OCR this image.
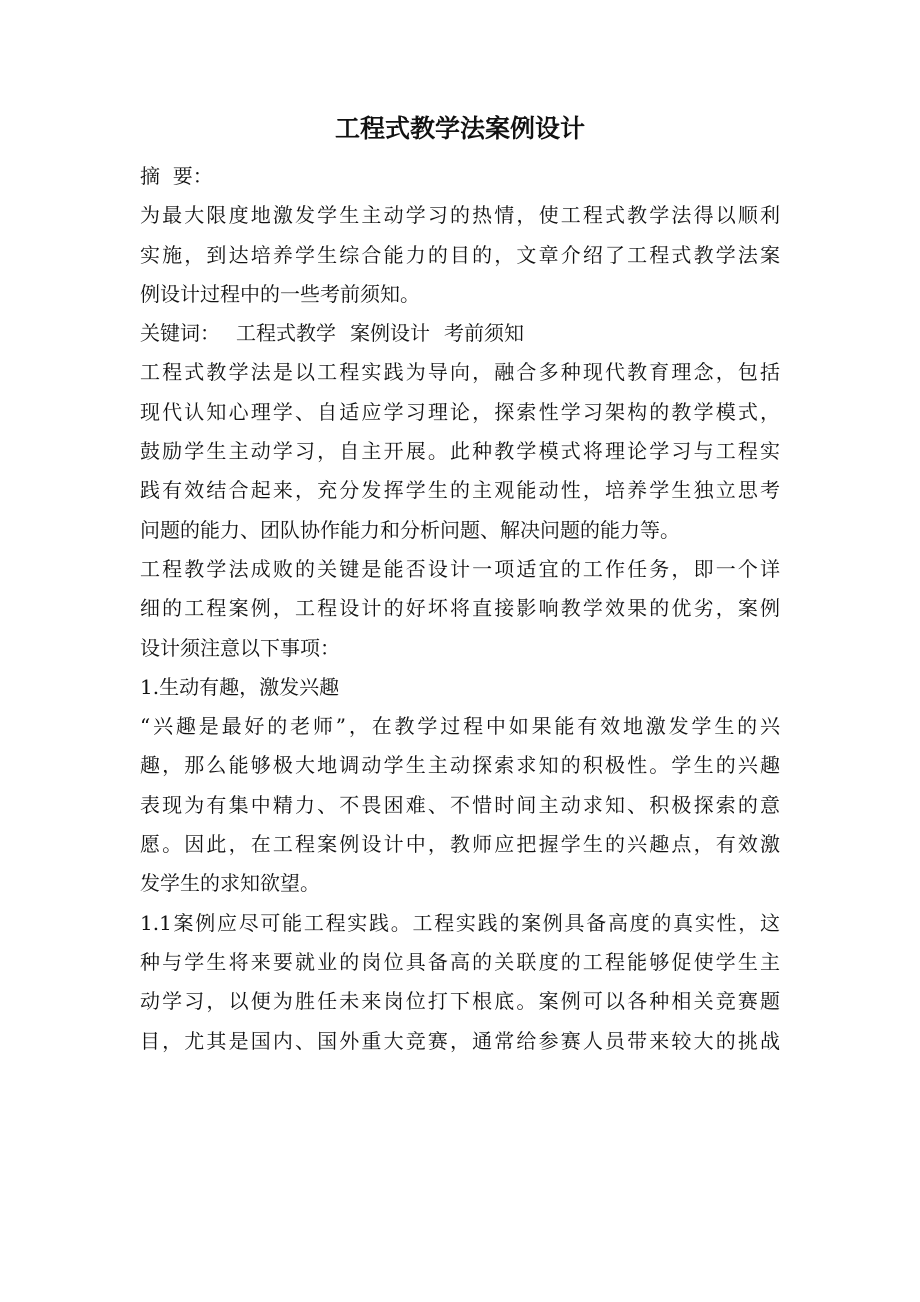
工程式教学法案例设计

摘  要：

为最大限度地激发学生主动学习的热情，使工程式教学法得以顺利

实施，到达培养学生综合能力的目的，文章介绍了工程式教学法案

例设计过程中的一些考前须知。

关键词： 工程式教学 案例设计 考前须知

工程式教学法是以工程实践为导向，融合多种现代教育理念，包括

现代认知心理学、自适应学习理论，探索性学习架构的教学模式，

鼓励学生主动学习，自主开展。此种教学模式将理论学习与工程实

践有效结合起来，充分发挥学生的主观能动性，培养学生独立思考

问题的能力、团队协作能力和分析问题、解决问题的能力等。

工程教学法成败的关键是能否设计一项适宜的工作任务，即一个详

细的工程案例，工程设计的好坏将直接影响教学效果的优劣，案例

设计须注意以下事项：

1.生动有趣，激发兴趣

“兴趣是最好的老师”，在教学过程中如果能有效地激发学生的兴

趣，那么能够极大地调动学生主动探索求知的积极性。学生的兴趣

表现为有集中精力、不畏困难、不惜时间主动求知、积极探索的意

愿。因此，在工程案例设计中，教师应把握学生的兴趣点，有效激

发学生的求知欲望。

1.1案例应尽可能工程实践。工程实践的案例具备高度的真实性，这

种与学生将来要就业的岗位具备高的关联度的工程能够促使学生主

动学习，以便为胜任未来岗位打下根底。案例可以各种相关竞赛题

目，尤其是国内、国外重大竞赛，通常给参赛人员带来较大的挑战
